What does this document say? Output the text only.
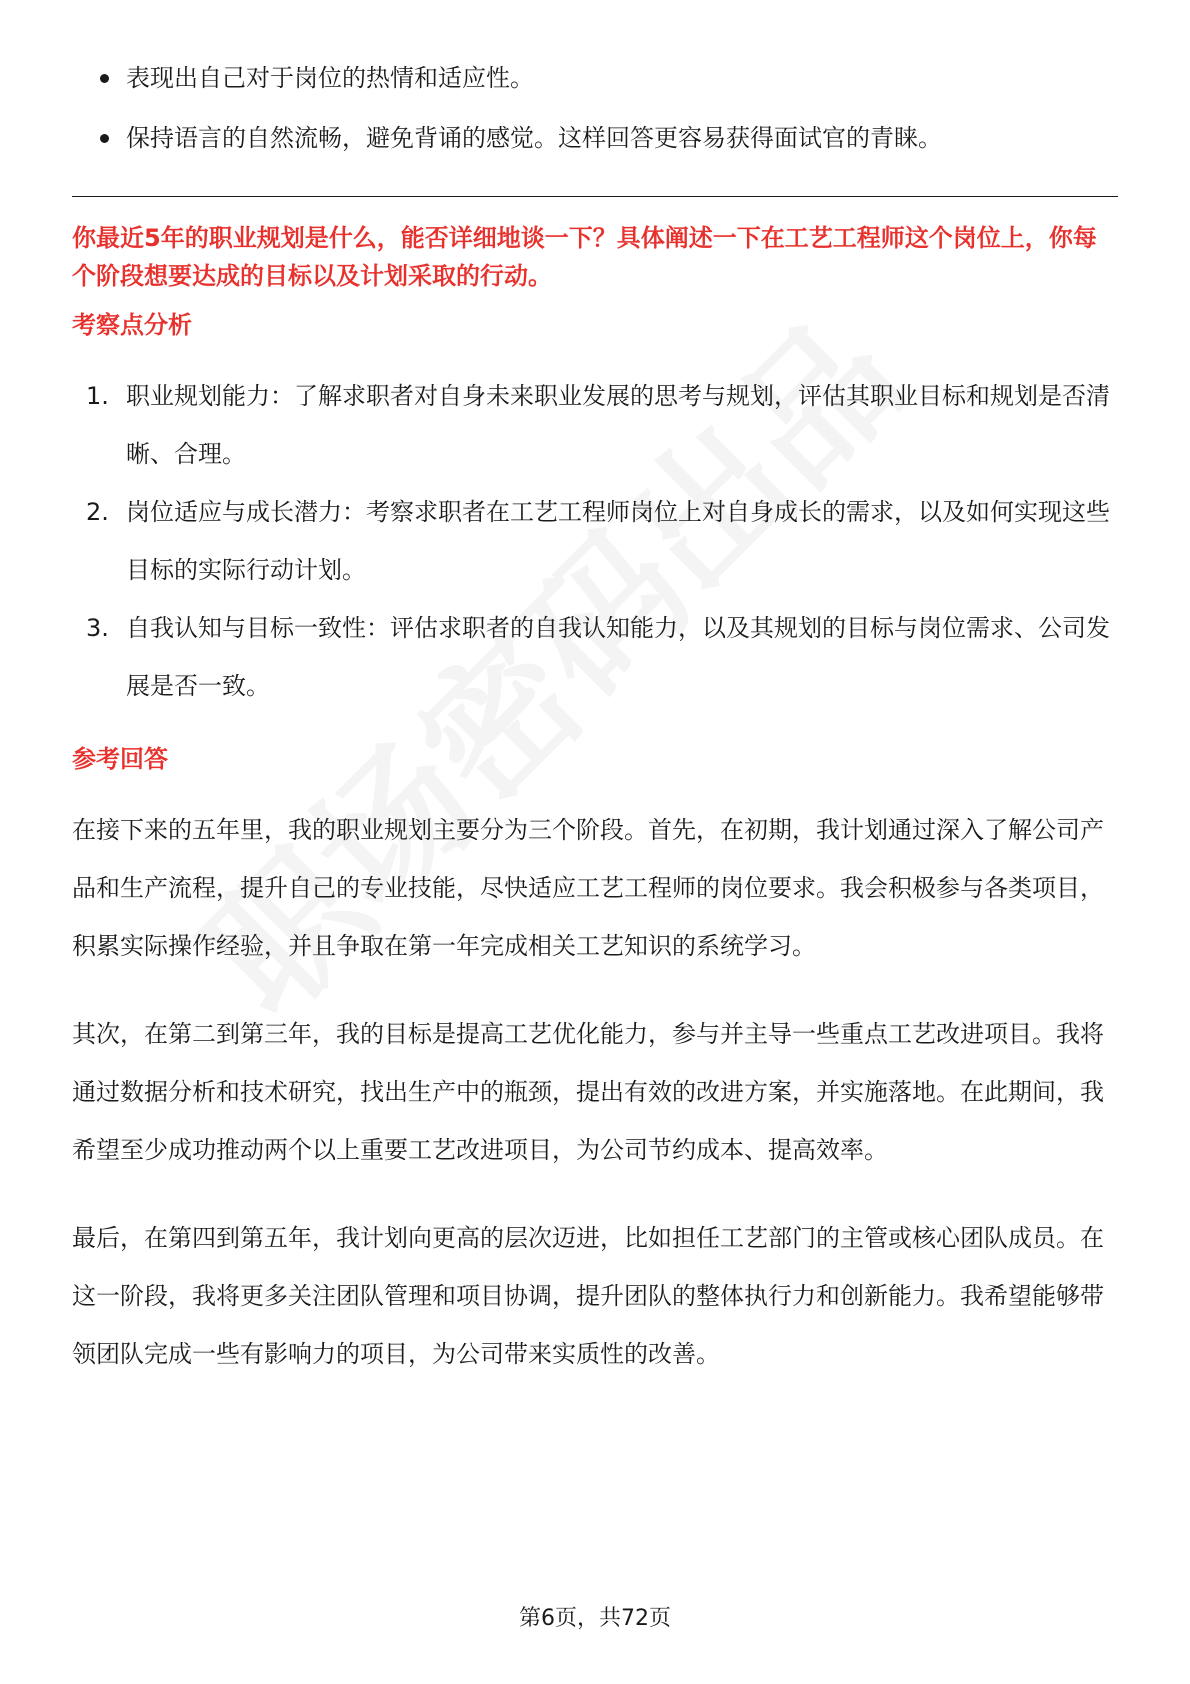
表现出自己对于岗位的热情和适应性。
保持语言的自然流畅，避免背诵的感觉。这样回答更容易获得面试官的青睐。

你最近5年的职业规划是什么，能否详细地谈一下？具体阐述一下在工艺工程师这个岗位上，你每个阶段想要达成的目标以及计划采取的行动。

考察点分析

1. 职业规划能力：了解求职者对自身未来职业发展的思考与规划，评估其职业目标和规划是否清晰、合理。
2. 岗位适应与成长潜力：考察求职者在工艺工程师岗位上对自身成长的需求，以及如何实现这些目标的实际行动计划。
3. 自我认知与目标一致性：评估求职者的自我认知能力，以及其规划的目标与岗位需求、公司发展是否一致。

参考回答

在接下来的五年里，我的职业规划主要分为三个阶段。首先，在初期，我计划通过深入了解公司产品和生产流程，提升自己的专业技能，尽快适应工艺工程师的岗位要求。我会积极参与各类项目，积累实际操作经验，并且争取在第一年完成相关工艺知识的系统学习。

其次，在第二到第三年，我的目标是提高工艺优化能力，参与并主导一些重点工艺改进项目。我将通过数据分析和技术研究，找出生产中的瓶颈，提出有效的改进方案，并实施落地。在此期间，我希望至少成功推动两个以上重要工艺改进项目，为公司节约成本、提高效率。

最后，在第四到第五年，我计划向更高的层次迈进，比如担任工艺部门的主管或核心团队成员。在这一阶段，我将更多关注团队管理和项目协调，提升团队的整体执行力和创新能力。我希望能够带领团队完成一些有影响力的项目，为公司带来实质性的改善。

第6页，共72页
